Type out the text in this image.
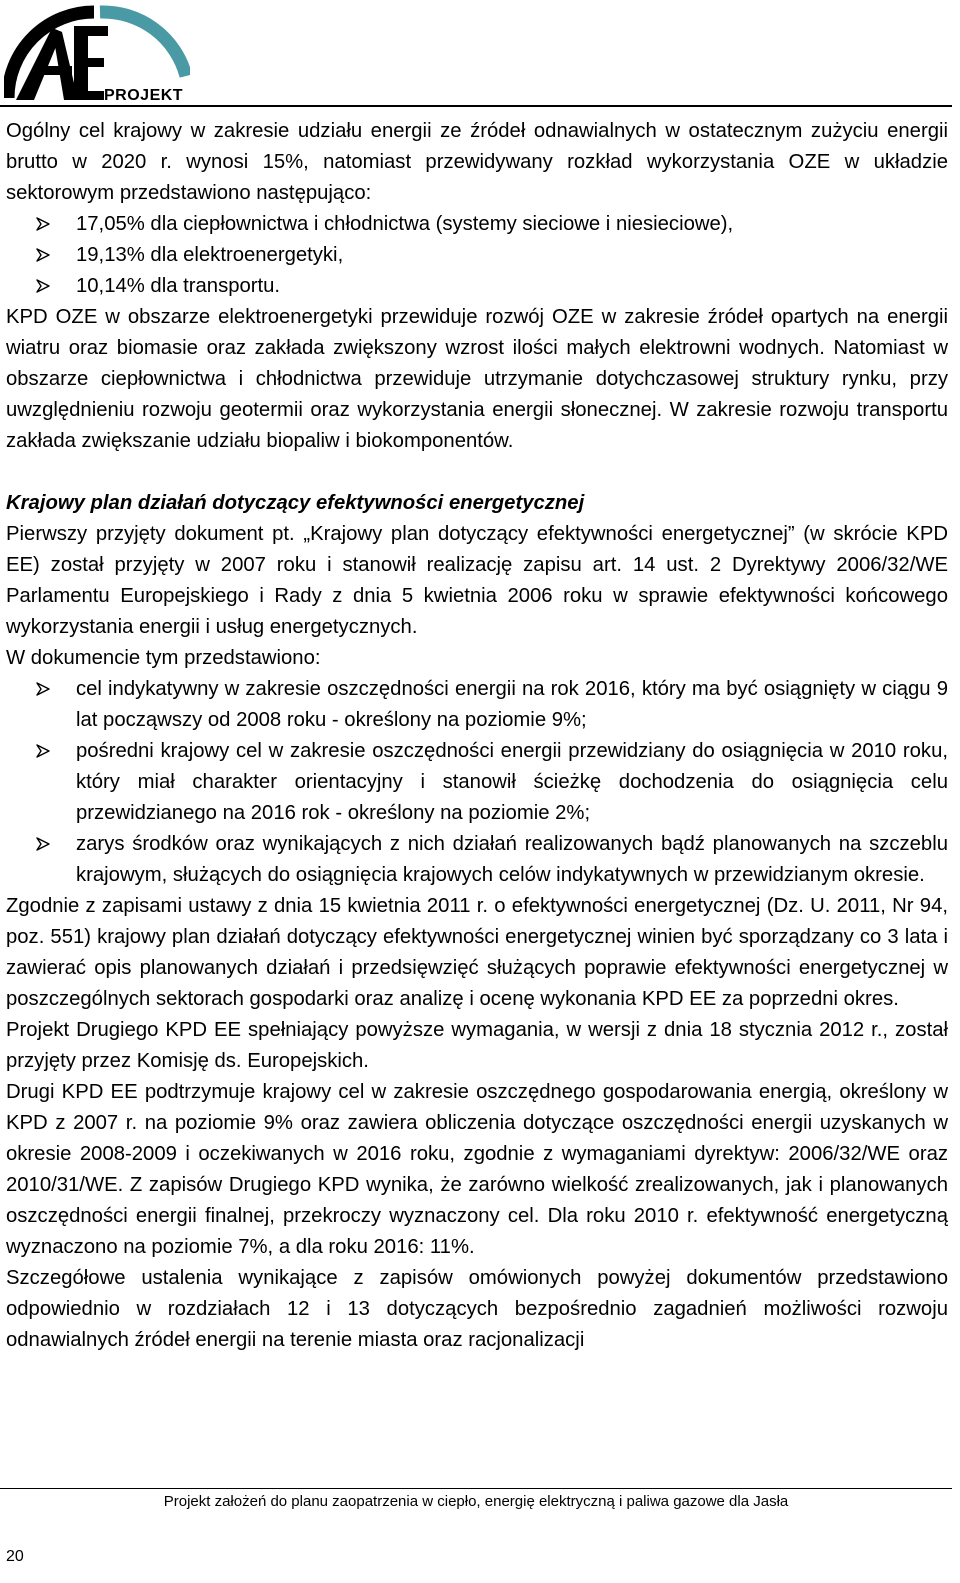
PROJEKT

Ogólny cel krajowy w zakresie udziału energii ze źródeł odnawialnych w ostatecznym zużyciu energii brutto w 2020 r. wynosi 15%, natomiast przewidywany rozkład wykorzystania OZE w układzie sektorowym przedstawiono następująco:

17,05% dla ciepłownictwa i chłodnictwa (systemy sieciowe i niesieciowe),
19,13% dla elektroenergetyki,
10,14% dla transportu.

KPD OZE w obszarze elektroenergetyki przewiduje rozwój OZE w zakresie źródeł opartych na energii wiatru oraz biomasie oraz zakłada zwiększony wzrost ilości małych elektrowni wodnych. Natomiast w obszarze ciepłownictwa i chłodnictwa przewiduje utrzymanie dotychczasowej struktury rynku, przy uwzględnieniu rozwoju geotermii oraz wykorzystania energii słonecznej. W zakresie rozwoju transportu zakłada zwiększanie udziału biopaliw i biokomponentów.

Krajowy plan działań dotyczący efektywności energetycznej

Pierwszy przyjęty dokument pt. „Krajowy plan dotyczący efektywności energetycznej” (w skrócie KPD EE) został przyjęty w 2007 roku i stanowił realizację zapisu art. 14 ust. 2 Dyrektywy 2006/32/WE Parlamentu Europejskiego i Rady z dnia 5 kwietnia 2006 roku w sprawie efektywności końcowego wykorzystania energii i usług energetycznych.

W dokumencie tym przedstawiono:

cel indykatywny w zakresie oszczędności energii na rok 2016, który ma być osiągnięty w ciągu 9 lat począwszy od 2008 roku - określony na poziomie 9%;
pośredni krajowy cel w zakresie oszczędności energii przewidziany do osiągnięcia w 2010 roku, który miał charakter orientacyjny i stanowił ścieżkę dochodzenia do osiągnięcia celu przewidzianego na 2016 rok - określony na poziomie 2%;
zarys środków oraz wynikających z nich działań realizowanych bądź planowanych na szczeblu krajowym, służących do osiągnięcia krajowych celów indykatywnych w przewidzianym okresie.

Zgodnie z zapisami ustawy z dnia 15 kwietnia 2011 r. o efektywności energetycznej (Dz. U. 2011, Nr 94, poz. 551) krajowy plan działań dotyczący efektywności energetycznej winien być sporządzany co 3 lata i zawierać opis planowanych działań i przedsięwzięć służących poprawie efektywności energetycznej w poszczególnych sektorach gospodarki oraz analizę i ocenę wykonania KPD EE za poprzedni okres.

Projekt Drugiego KPD EE spełniający powyższe wymagania, w wersji z dnia 18 stycznia 2012 r., został przyjęty przez Komisję ds. Europejskich.

Drugi KPD EE podtrzymuje krajowy cel w zakresie oszczędnego gospodarowania energią, określony w KPD z 2007 r. na poziomie 9% oraz zawiera obliczenia dotyczące oszczędności energii uzyskanych w okresie 2008-2009 i oczekiwanych w 2016 roku, zgodnie z wymaganiami dyrektyw: 2006/32/WE oraz 2010/31/WE. Z zapisów Drugiego KPD wynika, że zarówno wielkość zrealizowanych, jak i planowanych oszczędności energii finalnej, przekroczy wyznaczony cel. Dla roku 2010 r. efektywność energetyczną wyznaczono na poziomie 7%, a dla roku 2016: 11%.

Szczegółowe ustalenia wynikające z zapisów omówionych powyżej dokumentów przedstawiono odpowiednio w rozdziałach 12 i 13 dotyczących bezpośrednio zagadnień możliwości rozwoju odnawialnych źródeł energii na terenie miasta oraz racjonalizacji

Projekt założeń do planu zaopatrzenia w ciepło, energię elektryczną i paliwa gazowe dla Jasła
20
